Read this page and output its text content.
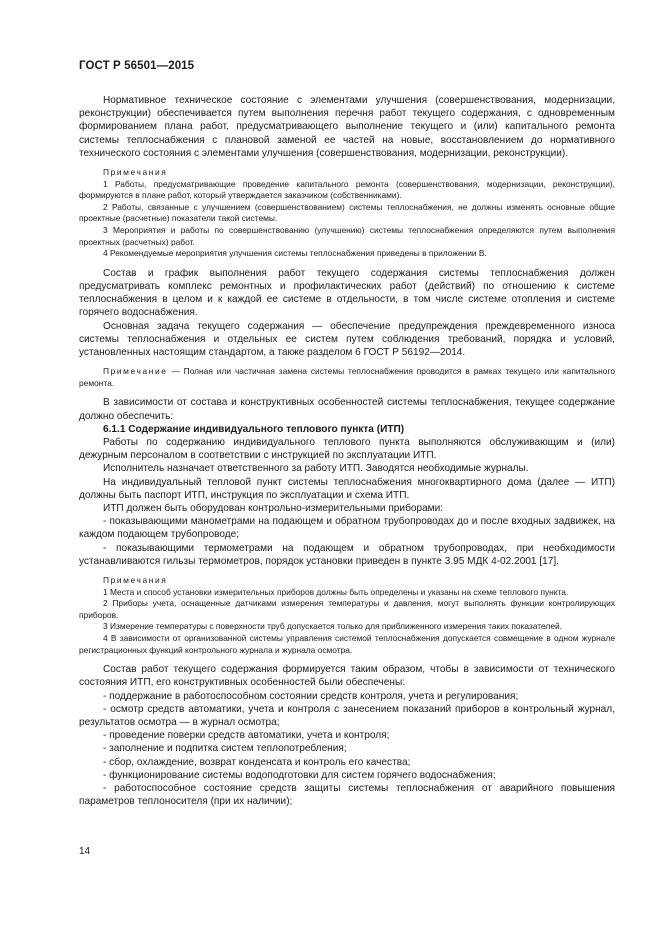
ГОСТ Р 56501—2015

Нормативное техническое состояние с элементами улучшения (совершенствования, модернизации, реконструкции) обеспечивается путем выполнения перечня работ текущего содержания, с одновременным формированием плана работ, предусматривающего выполнение текущего и (или) капитального ремонта системы теплоснабжения с плановой заменой ее частей на новые, восстановлением до нормативного технического состояния с элементами улучшения (совершенствования, модернизации, реконструкции).

Примечания
1 Работы, предусматривающие проведение капитального ремонта (совершенствования, модернизации, реконструкции), формируются в плане работ, который утверждается заказчиком (собственниками).
2 Работы, связанные с улучшением (совершенствованием) системы теплоснабжения, не должны изменять основные общие проектные (расчетные) показатели такой системы.
3 Мероприятия и работы по совершенствованию (улучшению) системы теплоснабжения определяются путем выполнения проектных (расчетных) работ.
4 Рекомендуемые мероприятия улучшения системы теплоснабжения приведены в приложении В.

Состав и график выполнения работ текущего содержания системы теплоснабжения должен предусматривать комплекс ремонтных и профилактических работ (действий) по отношению к системе теплоснабжения в целом и к каждой ее системе в отдельности, в том числе системе отопления и системе горячего водоснабжения.

Основная задача текущего содержания — обеспечение предупреждения преждевременного износа системы теплоснабжения и отдельных ее систем путем соблюдения требований, порядка и условий, установленных настоящим стандартом, а также разделом 6 ГОСТ Р 56192—2014.

Примечание — Полная или частичная замена системы теплоснабжения проводится в рамках текущего или капитального ремонта.

В зависимости от состава и конструктивных особенностей системы теплоснабжения, текущее содержание должно обеспечить:

6.1.1 Содержание индивидуального теплового пункта (ИТП)

Работы по содержанию индивидуального теплового пункта выполняются обслуживающим и (или) дежурным персоналом в соответствии с инструкцией по эксплуатации ИТП.

Исполнитель назначает ответственного за работу ИТП. Заводятся необходимые журналы.

На индивидуальный тепловой пункт системы теплоснабжения многоквартирного дома (далее — ИТП) должны быть паспорт ИТП, инструкция по эксплуатации и схема ИТП.

ИТП должен быть оборудован контрольно-измерительными приборами:

- показывающими манометрами на подающем и обратном трубопроводах до и после входных задвижек, на каждом подающем трубопроводе;

- показывающими термометрами на подающем и обратном трубопроводах, при необходимости устанавливаются гильзы термометров, порядок установки приведен в пункте 3.95 МДК 4-02.2001 [17].

Примечания
1 Места и способ установки измерительных приборов должны быть определены и указаны на схеме теплового пункта.
2 Приборы учета, оснащенные датчиками измерения температуры и давления, могут выполнять функции контролирующих приборов.
3 Измерение температуры с поверхности труб допускается только для приближенного измерения таких показателей.
4 В зависимости от организованной системы управления системой теплоснабжения допускается совмещение в одном журнале регистрационных функций контрольного журнала и журнала осмотра.

Состав работ текущего содержания формируется таким образом, чтобы в зависимости от технического состояния ИТП, его конструктивных особенностей были обеспечены:

- поддержание в работоспособном состоянии средств контроля, учета и регулирования;

- осмотр средств автоматики, учета и контроля с занесением показаний приборов в контрольный журнал, результатов осмотра — в журнал осмотра;

- проведение поверки средств автоматики, учета и контроля;

- заполнение и подпитка систем теплопотребления;

- сбор, охлаждение, возврат конденсата и контроль его качества;

- функционирование системы водоподготовки для систем горячего водоснабжения;

- работоспособное состояние средств защиты системы теплоснабжения от аварийного повышения параметров теплоносителя (при их наличии);

14
